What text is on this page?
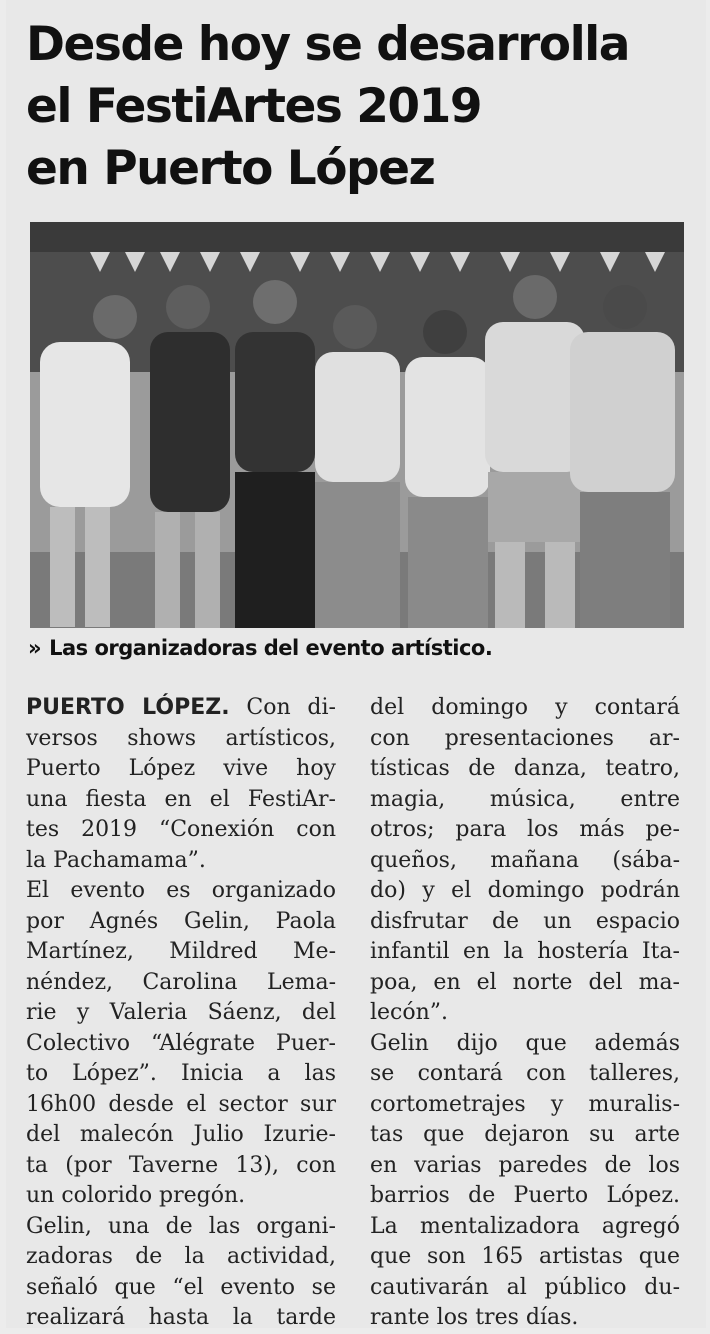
Desde hoy se desarrolla
el FestiArtes 2019
en Puerto López
» Las organizadoras del evento artístico.
PUERTO LÓPEZ. Con di-
versos shows artísticos,
Puerto López vive hoy
una fiesta en el FestiAr-
tes 2019 “Conexión con
la Pachamama”.
El evento es organizado
por Agnés Gelin, Paola
Martínez, Mildred Me-
néndez, Carolina Lema-
rie y Valeria Sáenz, del
Colectivo “Alégrate Puer-
to López”. Inicia a las
16h00 desde el sector sur
del malecón Julio Izurie-
ta (por Taverne 13), con
un colorido pregón.
Gelin, una de las organi-
zadoras de la actividad,
señaló que “el evento se
realizará hasta la tarde
del domingo y contará
con presentaciones ar-
tísticas de danza, teatro,
magia, música, entre
otros; para los más pe-
queños, mañana (sába-
do) y el domingo podrán
disfrutar de un espacio
infantil en la hostería Ita-
poa, en el norte del ma-
lecón”.
Gelin dijo que además
se contará con talleres,
cortometrajes y muralis-
tas que dejaron su arte
en varias paredes de los
barrios de Puerto López.
La mentalizadora agregó
que son 165 artistas que
cautivarán al público du-
rante los tres días.
